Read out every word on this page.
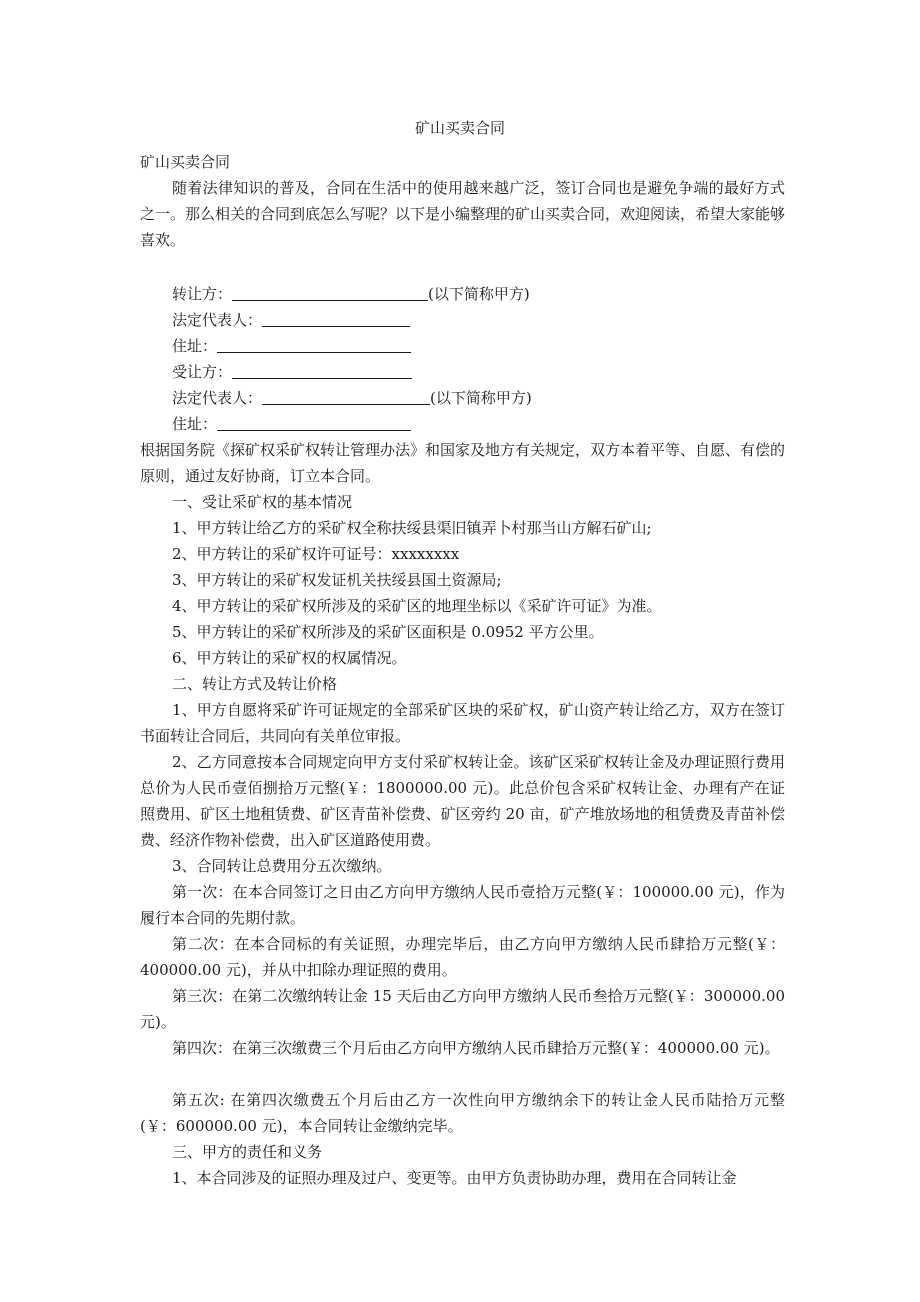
矿山买卖合同
矿山买卖合同
随着法律知识的普及，合同在生活中的使用越来越广泛，签订合同也是避免争端的最好方式之一。那么相关的合同到底怎么写呢？以下是小编整理的矿山买卖合同，欢迎阅读，希望大家能够喜欢。
转让方：	(以下简称甲方)
法定代表人：
住址：
受让方：
法定代表人：	(以下简称甲方)
住址：
根据国务院《探矿权采矿权转让管理办法》和国家及地方有关规定，双方本着平等、自愿、有偿的原则，通过友好协商，订立本合同。
一、受让采矿权的基本情况
1、甲方转让给乙方的采矿权全称扶绥县渠旧镇弄卜村那当山方解石矿山;
2、甲方转让的采矿权许可证号：xxxxxxxx
3、甲方转让的采矿权发证机关扶绥县国土资源局;
4、甲方转让的采矿权所涉及的采矿区的地理坐标以《采矿许可证》为准。
5、甲方转让的采矿权所涉及的采矿区面积是 0.0952 平方公里。
6、甲方转让的采矿权的权属情况。
二、转让方式及转让价格
1、甲方自愿将采矿许可证规定的全部采矿区块的采矿权，矿山资产转让给乙方，双方在签订书面转让合同后，共同向有关单位审报。
2、乙方同意按本合同规定向甲方支付采矿权转让金。该矿区采矿权转让金及办理证照行费用总价为人民币壹佰捌拾万元整(￥：1800000.00 元)。此总价包含采矿权转让金、办理有产在证照费用、矿区土地租赁费、矿区青苗补偿费、矿区旁约 20 亩，矿产堆放场地的租赁费及青苗补偿费、经济作物补偿费，出入矿区道路使用费。
3、合同转让总费用分五次缴纳。
第一次：在本合同签订之日由乙方向甲方缴纳人民币壹拾万元整(￥：100000.00 元)，作为履行本合同的先期付款。
第二次：在本合同标的有关证照，办理完毕后，由乙方向甲方缴纳人民币肆拾万元整(￥：400000.00 元)，并从中扣除办理证照的费用。
第三次：在第二次缴纳转让金 15 天后由乙方向甲方缴纳人民币叁拾万元整(￥：300000.00 元)。
第四次：在第三次缴费三个月后由乙方向甲方缴纳人民币肆拾万元整(￥：400000.00 元)。
第五次: 在第四次缴费五个月后由乙方一次性向甲方缴纳余下的转让金人民币陆拾万元整(￥：600000.00 元)，本合同转让金缴纳完毕。
三、甲方的责任和义务
1、本合同涉及的证照办理及过户、变更等。由甲方负责协助办理，费用在合同转让金
